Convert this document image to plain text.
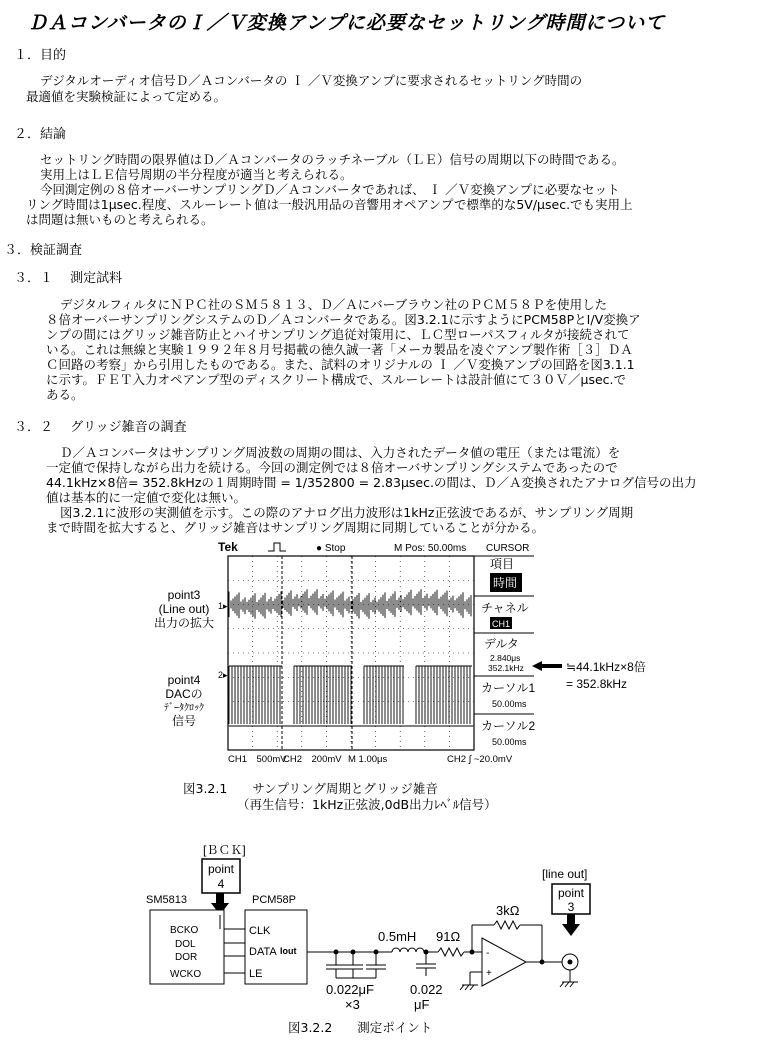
ＤＡコンバータのＩ／Ｖ変換アンプに必要なセットリング時間について
１．目的
デジタルオーディオ信号Ｄ／Ａコンバータの Ｉ ／Ｖ変換アンプに要求されるセットリング時間の
最適値を実験検証によって定める。
２．結論
セットリング時間の限界値はＤ／Ａコンバータのラッチネーブル（ＬＥ）信号の周期以下の時間である。
実用上はＬＥ信号周期の半分程度が適当と考えられる。
今回測定例の８倍オーバーサンプリングＤ／Ａコンバータであれば、 Ｉ ／Ｖ変換アンプに必要なセット
リング時間は1μsec.程度、スルーレート値は一般汎用品の音響用オペアンプで標準的な5V/μsec.でも実用上
は問題は無いものと考えられる。
３．検証調査
３．１　 測定試料
デジタルフィルタにＮＰＣ社のＳＭ５８１３、Ｄ／Ａにバーブラウン社のＰＣＭ５８Ｐを使用した
８倍オーバーサンプリングシステムのＤ／Ａコンバータである。図3.2.1に示すようにPCM58PとI/V変換ア
ンプの間にはグリッジ雑音防止とハイサンプリング追従対策用に、ＬＣ型ローパスフィルタが接続されて
いる。これは無線と実験１９９２年８月号掲載の徳久誠一著「メーカ製品を凌ぐアンプ製作術［３］ＤＡ
Ｃ回路の考察」から引用したものである。また、試料のオリジナルの Ｉ ／Ｖ変換アンプの回路を図3.1.1
に示す。ＦＥＴ入力オペアンプ型のディスクリート構成で、スルーレートは設計値にて３０Ｖ／μsec.で
ある。
３．２　 グリッジ雑音の調査
Ｄ／Ａコンバータはサンプリング周波数の周期の間は、入力されたデータ値の電圧（または電流）を
一定値で保持しながら出力を続ける。今回の測定例では８倍オーバサンプリングシステムであったので
44.1kHz×8倍= 352.8kHzの１周期時間 = 1/352800 = 2.83μsec.の間は、Ｄ／Ａ変換されたアナログ信号の出力
値は基本的に一定値で変化は無い。
図3.2.1に波形の実測値を示す。この際のアナログ出力波形は1kHz正弦波であるが、サンプリング周期
まで時間を拡大すると、グリッジ雑音はサンプリング周期に同期していることが分かる。
Tek	● Stop	M Pos: 50.00ms CURSOR
1▸
2▸
項目
時間
チャネル
CH1
デルタ
2.840μs
352.1kHz
カーソル1
50.00ms
カーソル2
50.00ms
CH1　500mV
CH2　200mV M 1.00μs	CH2 ∫ ~20.0mV
point3
(Line out)
出力の拡大
point4
DACの
ﾃﾞｰﾀｸﾛｯｸ
信号
≒44.1kHz×8倍
= 352.8kHz
図3.2.1　　サンプリング周期とグリッジ雑音
（再生信号：1kHz正弦波,0dB出力ﾚﾍﾞﾙ信号）
[ＢＣＫ]
point
4
[line out]
point
3
SM5813
BCKO
DOL
DOR
WCKO
PCM58P
CLK
DATA
LE
Iout	-
+
0.5mH 91Ω
3kΩ
0.022μF
×3
0.022
μF
図3.2.2　　測定ポイント
